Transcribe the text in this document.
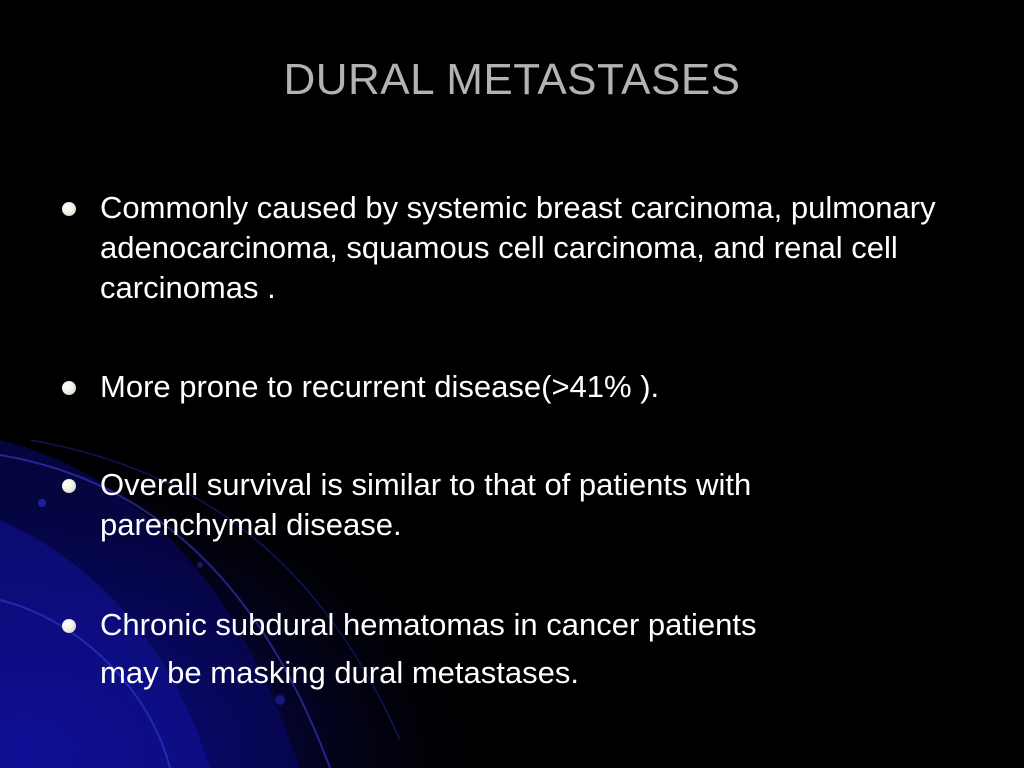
DURAL METASTASES
Commonly caused by systemic breast carcinoma, pulmonary adenocarcinoma, squamous cell carcinoma, and renal cell carcinomas .
More prone to recurrent disease(>41% ).
Overall survival is similar to that of patients with parenchymal disease.
Chronic subdural hematomas in cancer patients
may be masking dural metastases.
